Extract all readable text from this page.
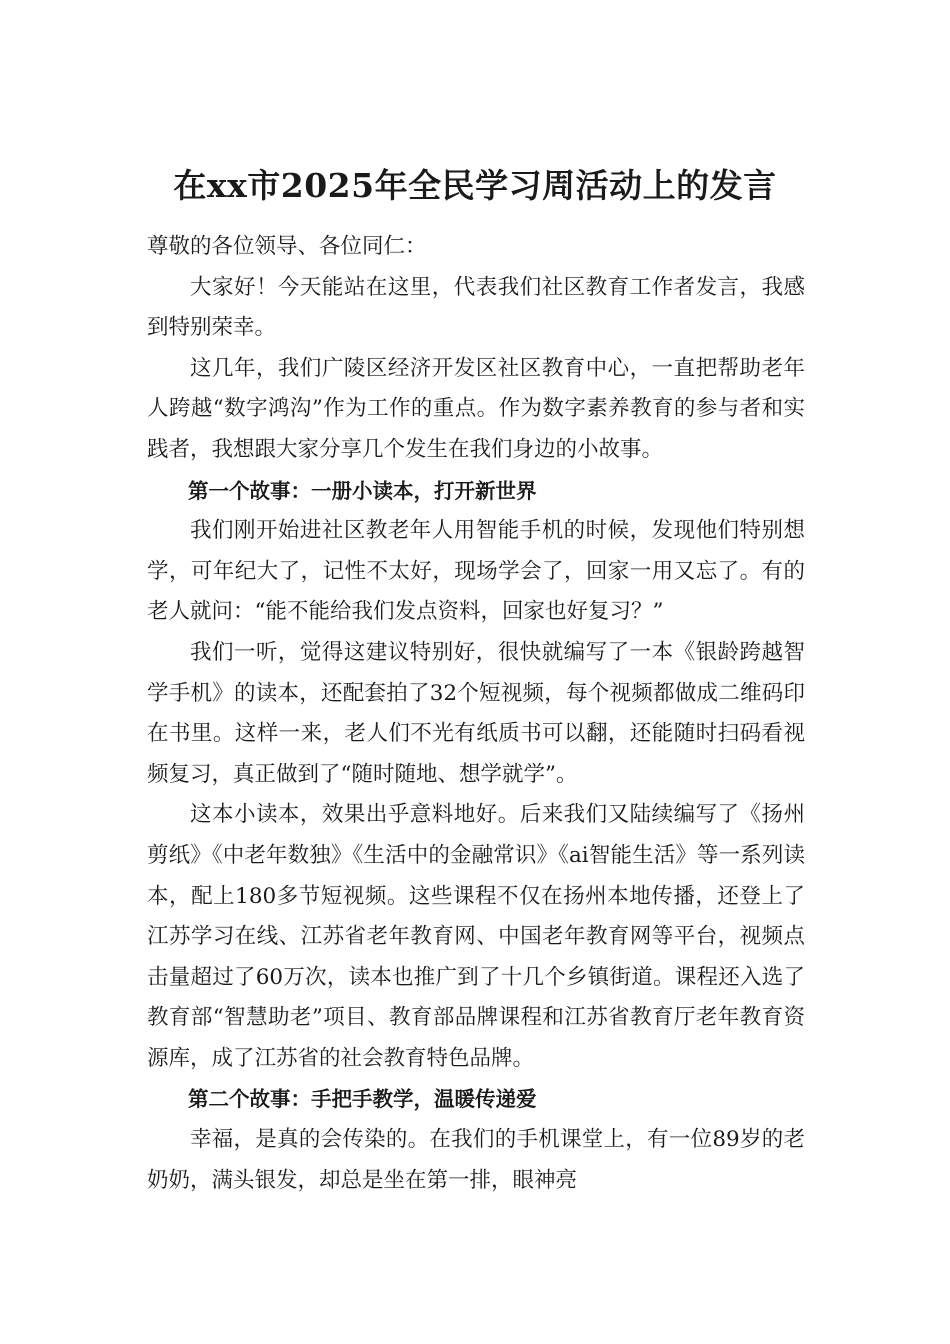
在xx市2025年全民学习周活动上的发言

尊敬的各位领导、各位同仁：

大家好！今天能站在这里，代表我们社区教育工作者发言，我感到特别荣幸。

这几年，我们广陵区经济开发区社区教育中心，一直把帮助老年人跨越“数字鸿沟”作为工作的重点。作为数字素养教育的参与者和实践者，我想跟大家分享几个发生在我们身边的小故事。

第一个故事：一册小读本，打开新世界

我们刚开始进社区教老年人用智能手机的时候，发现他们特别想学，可年纪大了，记性不太好，现场学会了，回家一用又忘了。有的老人就问：“能不能给我们发点资料，回家也好复习？”

我们一听，觉得这建议特别好，很快就编写了一本《银龄跨越智学手机》的读本，还配套拍了32个短视频，每个视频都做成二维码印在书里。这样一来，老人们不光有纸质书可以翻，还能随时扫码看视频复习，真正做到了“随时随地、想学就学”。

这本小读本，效果出乎意料地好。后来我们又陆续编写了《扬州剪纸》《中老年数独》《生活中的金融常识》《ai智能生活》等一系列读本，配上180多节短视频。这些课程不仅在扬州本地传播，还登上了江苏学习在线、江苏省老年教育网、中国老年教育网等平台，视频点击量超过了60万次，读本也推广到了十几个乡镇街道。课程还入选了教育部“智慧助老”项目、教育部品牌课程和江苏省教育厅老年教育资源库，成了江苏省的社会教育特色品牌。

第二个故事：手把手教学，温暖传递爱

幸福，是真的会传染的。在我们的手机课堂上，有一位89岁的老奶奶，满头银发，却总是坐在第一排，眼神亮
